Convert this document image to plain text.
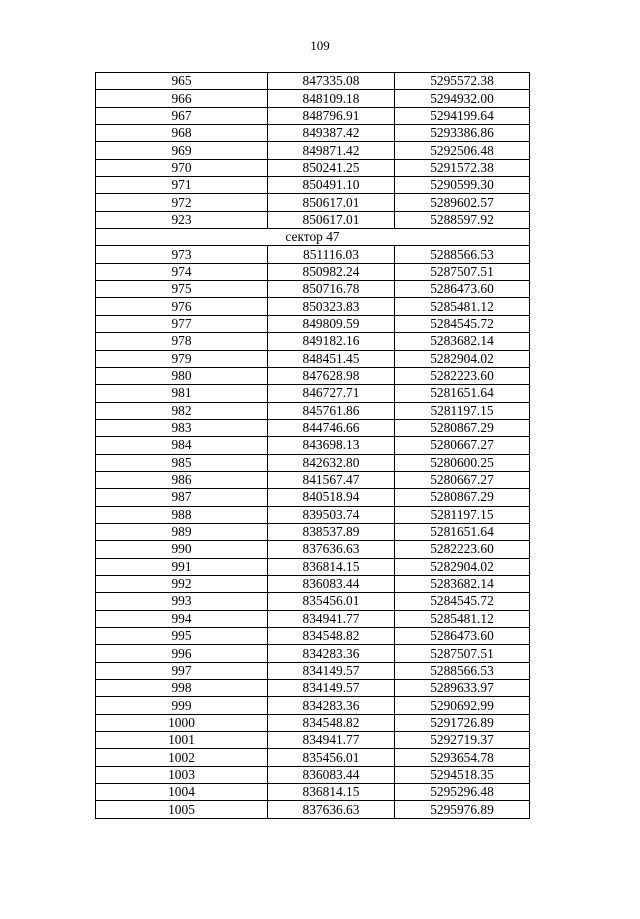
109
965	847335.08	5295572.38
966	848109.18	5294932.00
967	848796.91	5294199.64
968	849387.42	5293386.86
969	849871.42	5292506.48
970	850241.25	5291572.38
971	850491.10	5290599.30
972	850617.01	5289602.57
923	850617.01	5288597.92
сектор 47		
973	851116.03	5288566.53
974	850982.24	5287507.51
975	850716.78	5286473.60
976	850323.83	5285481.12
977	849809.59	5284545.72
978	849182.16	5283682.14
979	848451.45	5282904.02
980	847628.98	5282223.60
981	846727.71	5281651.64
982	845761.86	5281197.15
983	844746.66	5280867.29
984	843698.13	5280667.27
985	842632.80	5280600.25
986	841567.47	5280667.27
987	840518.94	5280867.29
988	839503.74	5281197.15
989	838537.89	5281651.64
990	837636.63	5282223.60
991	836814.15	5282904.02
992	836083.44	5283682.14
993	835456.01	5284545.72
994	834941.77	5285481.12
995	834548.82	5286473.60
996	834283.36	5287507.51
997	834149.57	5288566.53
998	834149.57	5289633.97
999	834283.36	5290692.99
1000	834548.82	5291726.89
1001	834941.77	5292719.37
1002	835456.01	5293654.78
1003	836083.44	5294518.35
1004	836814.15	5295296.48
1005	837636.63	5295976.89
